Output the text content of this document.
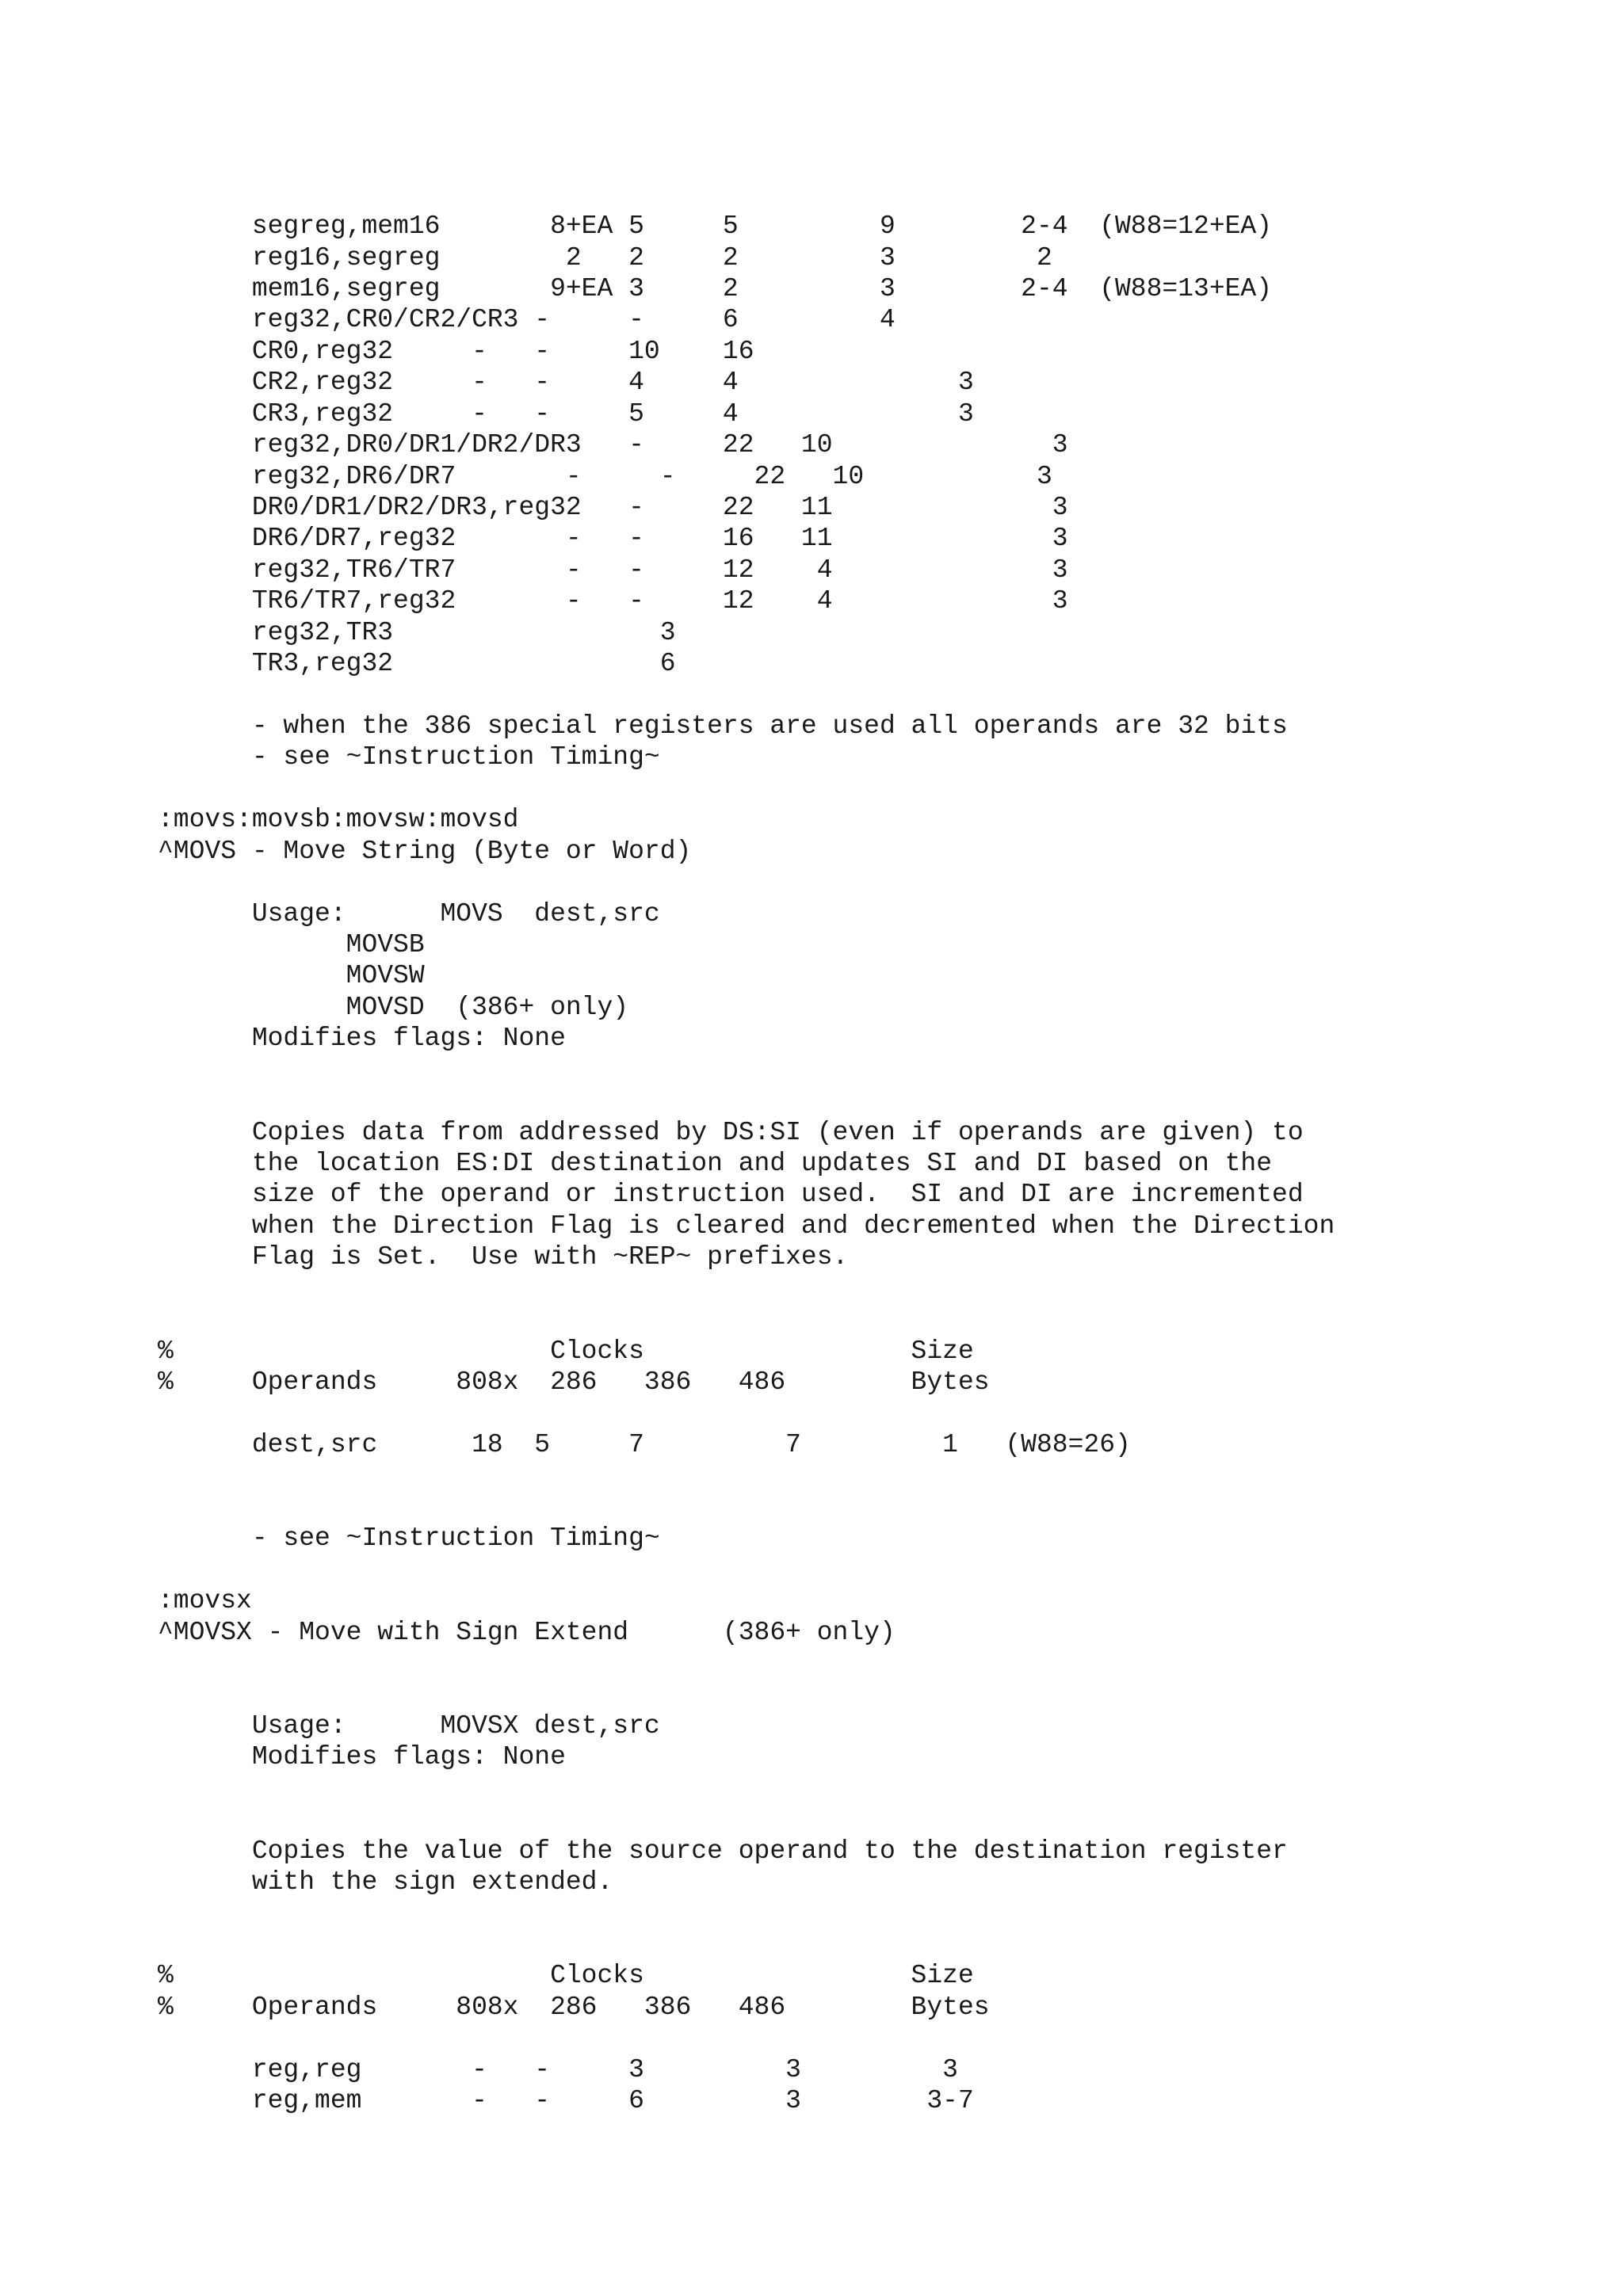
segreg,mem16       8+EA 5     5         9        2-4  (W88=12+EA)
reg16,segreg        2   2     2         3         2
mem16,segreg       9+EA 3     2         3        2-4  (W88=13+EA)
reg32,CR0/CR2/CR3 -     -     6         4
CR0,reg32     -   -     10    16
CR2,reg32     -   -     4     4              3
CR3,reg32     -   -     5     4              3
reg32,DR0/DR1/DR2/DR3   -     22   10              3
reg32,DR6/DR7       -     -     22   10           3
DR0/DR1/DR2/DR3,reg32   -     22   11              3
DR6/DR7,reg32       -   -     16   11              3
reg32,TR6/TR7       -   -     12    4              3
TR6/TR7,reg32       -   -     12    4              3
reg32,TR3                 3
TR3,reg32                 6
- when the 386 special registers are used all operands are 32 bits
- see ~Instruction Timing~
:movs:movsb:movsw:movsd
^MOVS - Move String (Byte or Word)
Usage:      MOVS  dest,src
MOVSB
MOVSW
MOVSD  (386+ only)
Modifies flags: None
Copies data from addressed by DS:SI (even if operands are given) to
the location ES:DI destination and updates SI and DI based on the
size of the operand or instruction used.  SI and DI are incremented
when the Direction Flag is cleared and decremented when the Direction
Flag is Set.  Use with ~REP~ prefixes.
%                        Clocks                 Size
%     Operands     808x  286   386   486        Bytes
dest,src      18  5     7         7         1   (W88=26)
- see ~Instruction Timing~
:movsx
^MOVSX - Move with Sign Extend      (386+ only)
Usage:      MOVSX dest,src
Modifies flags: None
Copies the value of the source operand to the destination register
with the sign extended.
%                        Clocks                 Size
%     Operands     808x  286   386   486        Bytes
reg,reg       -   -     3         3         3
reg,mem       -   -     6         3        3-7
